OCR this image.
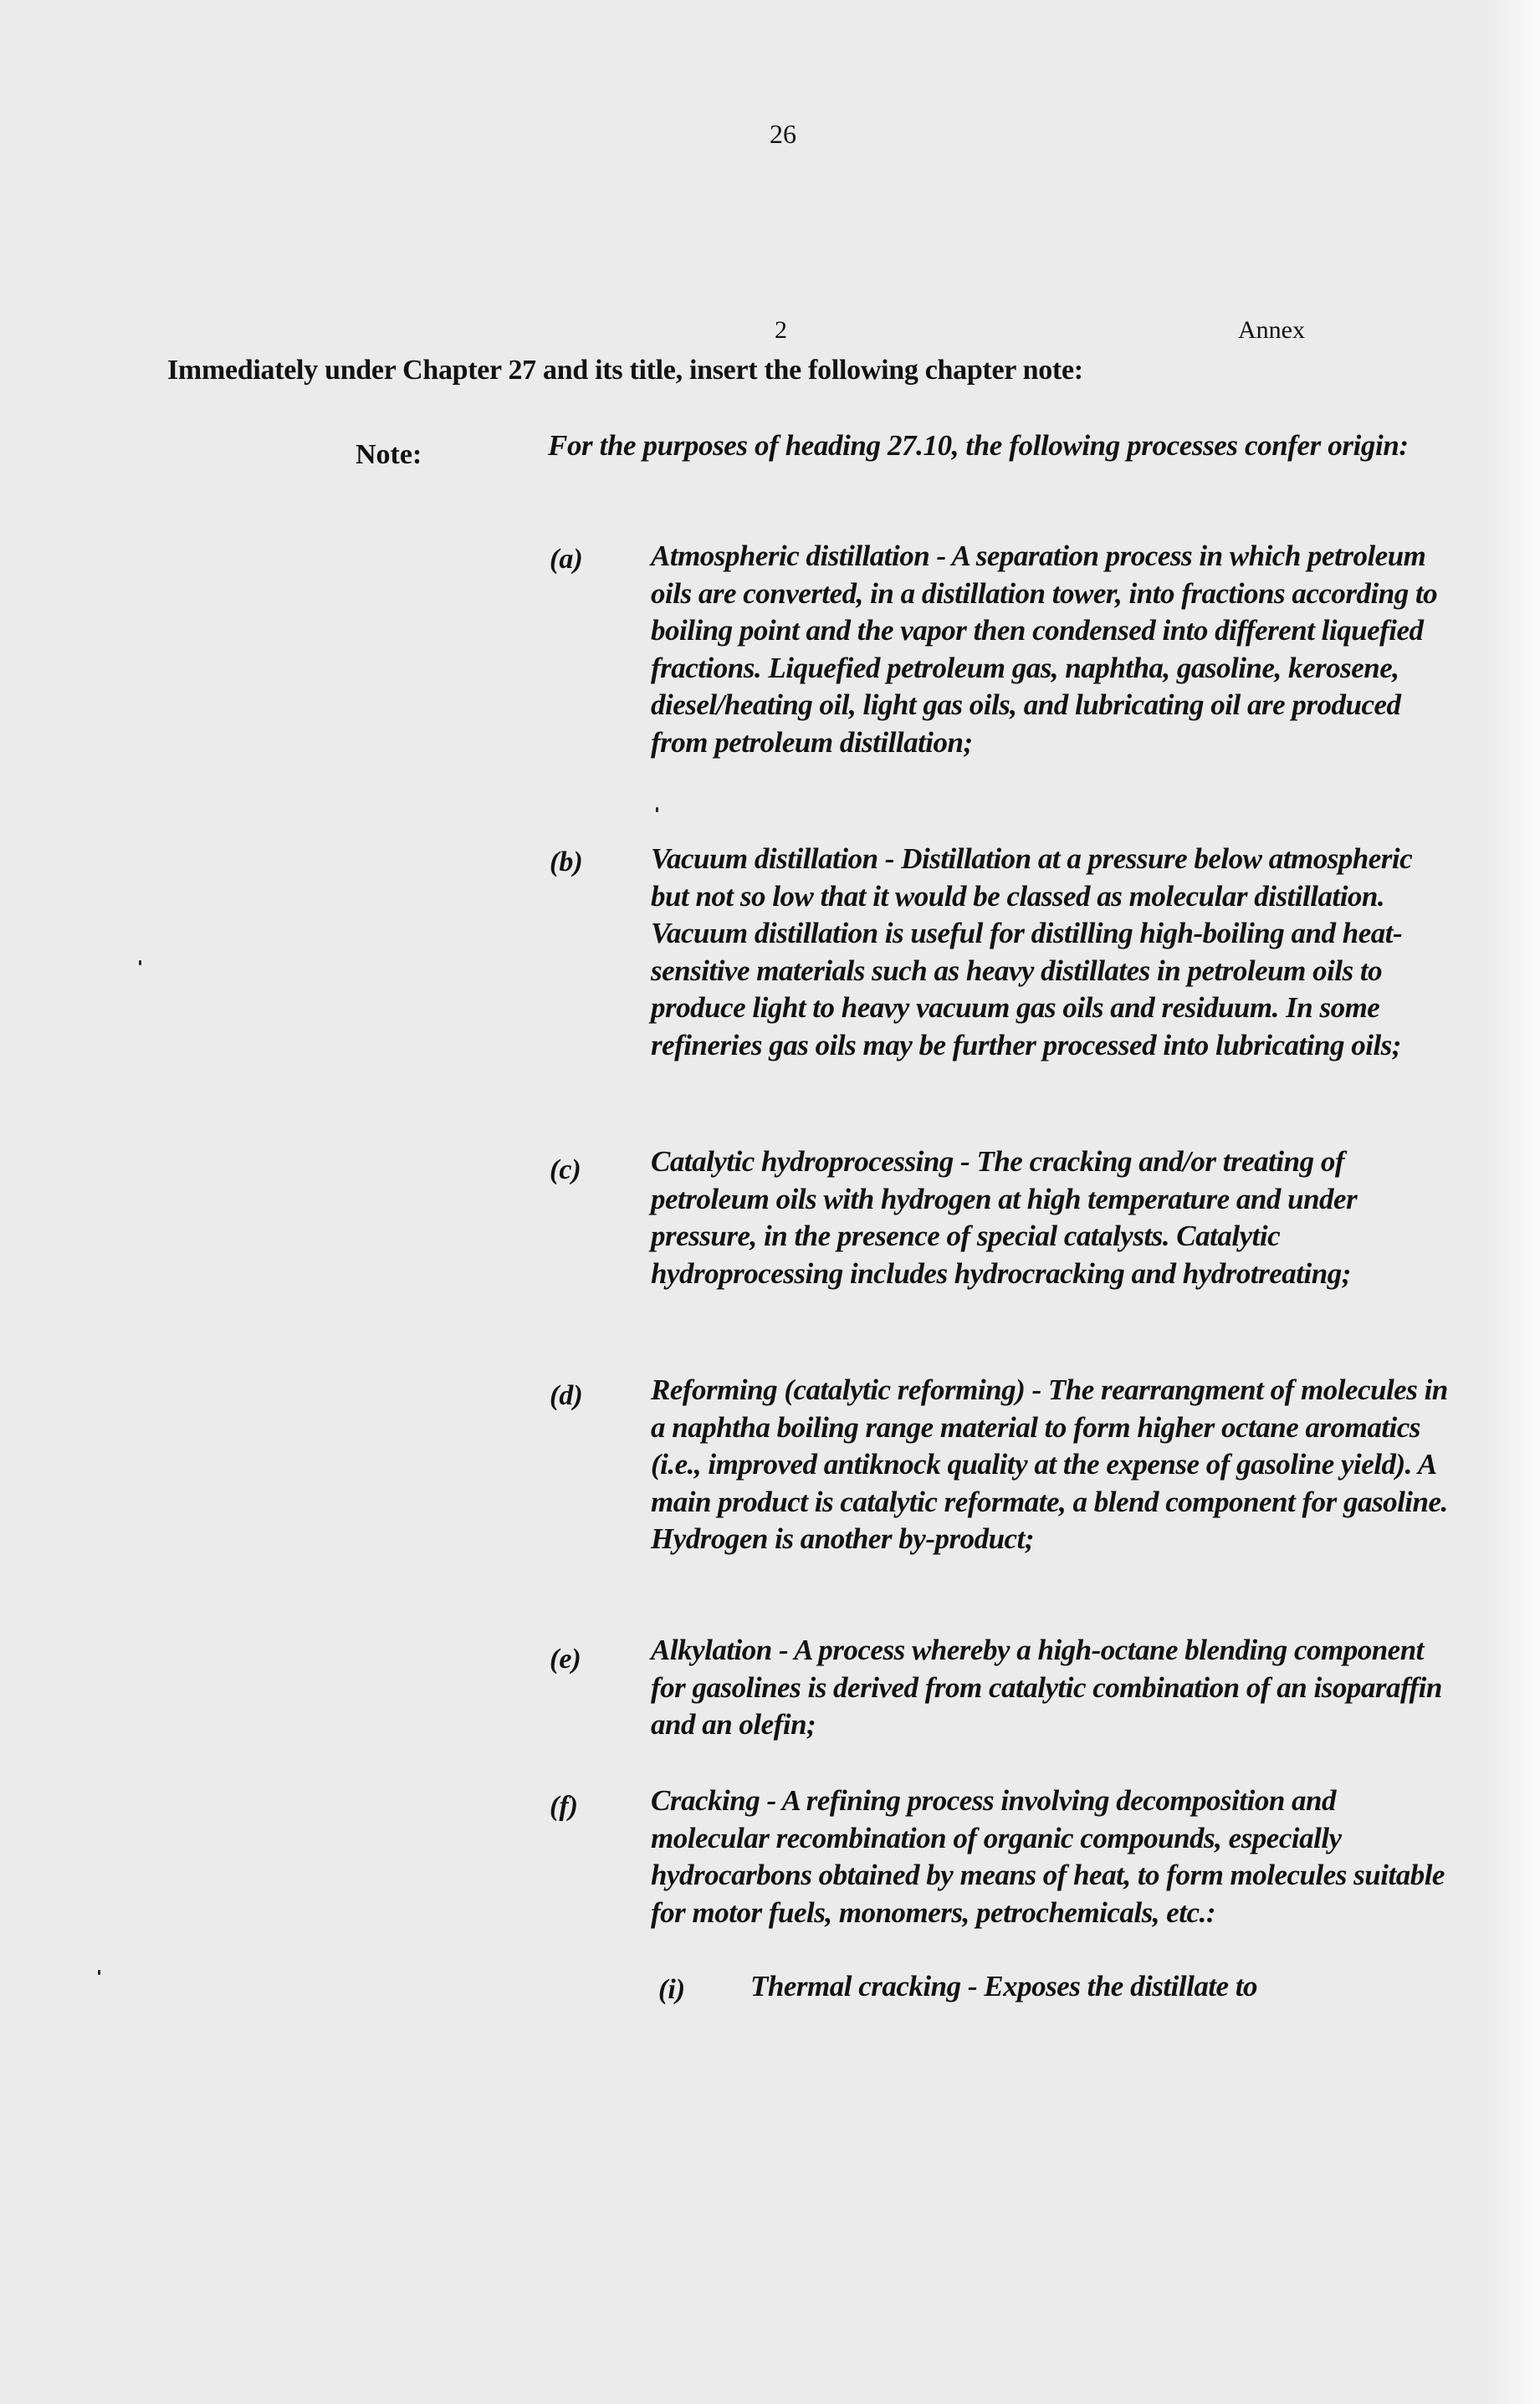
26
2	Annex
Immediately under Chapter 27 and its title, insert the following chapter note:
Note:	For the purposes of heading 27.10, the following processes confer origin:
(a) Atmospheric distillation - A separation process in which petroleum oils are converted, in a distillation tower, into fractions according to boiling point and the vapor then condensed into different liquefied fractions. Liquefied petroleum gas, naphtha, gasoline, kerosene, diesel/heating oil, light gas oils, and lubricating oil are produced from petroleum distillation;
(b) Vacuum distillation - Distillation at a pressure below atmospheric but not so low that it would be classed as molecular distillation. Vacuum distillation is useful for distilling high-boiling and heat-sensitive materials such as heavy distillates in petroleum oils to produce light to heavy vacuum gas oils and residuum. In some refineries gas oils may be further processed into lubricating oils;
(c) Catalytic hydroprocessing - The cracking and/or treating of petroleum oils with hydrogen at high temperature and under pressure, in the presence of special catalysts. Catalytic hydroprocessing includes hydrocracking and hydrotreating;
(d) Reforming (catalytic reforming) - The rearrangment of molecules in a naphtha boiling range material to form higher octane aromatics (i.e., improved antiknock quality at the expense of gasoline yield). A main product is catalytic reformate, a blend component for gasoline. Hydrogen is another by-product;
(e) Alkylation - A process whereby a high-octane blending component for gasolines is derived from catalytic combination of an isoparaffin and an olefin;
(f) Cracking - A refining process involving decomposition and molecular recombination of organic compounds, especially hydrocarbons obtained by means of heat, to form molecules suitable for motor fuels, monomers, petrochemicals, etc.:
(i) Thermal cracking - Exposes the distillate to
